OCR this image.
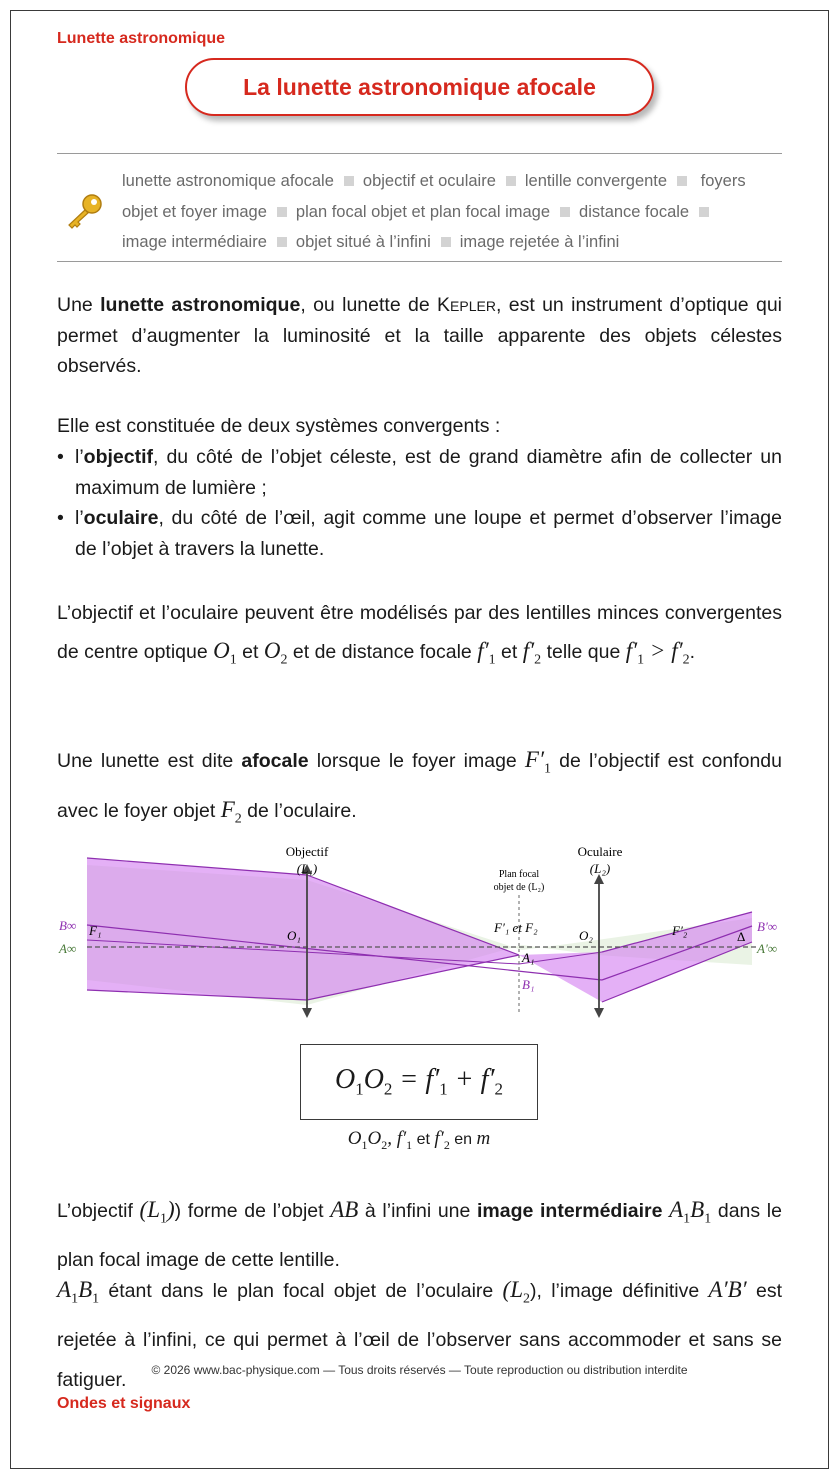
Lunette astronomique
La lunette astronomique afocale
lunette astronomique afocale objectif et oculaire lentille convergente foyers objet et foyer image plan focal objet et plan focal image distance focaleimage intermédiaire objet situé à l’infini image rejetée à l’infini

Une lunette astronomique, ou lunette de Kepler, est un instrument d’optique qui permet d’augmenter la luminosité et la taille apparente des objets célestes observés.

Elle est constituée de deux systèmes convergents :

• l’objectif, du côté de l’objet céleste, est de grand diamètre afin de collecter un maximum de lumière ;
• l’oculaire, du côté de l’œil, agit comme une loupe et permet d’observer l’image de l’objet à travers la lunette.

L’objectif et l’oculaire peuvent être modélisés par des lentilles minces convergentes de centre optique $O_1$ et $O_2$ et de distance focale $f'_1$ et $f'_2$ telle que $f'_1 > f'_2$.

Une lunette est dite afocale lorsque le foyer image $F'_1$ de l’objectif est confondu avec le foyer objet $F_2$ de l’oculaire.

Objectif
(L₁)
Oculaire
(L₂)
Plan focal
objet de (L₂)
B∞
A∞
F₁	O₁
F′₁ et F₂
A₁
B₁
O₂	F′₂	B′∞
A′∞
Δ
$O_1O_2 = f'_1 + f'_2$
$O_1O_2$, $f'_1$ et $f'_2$ en m

L’objectif $(L_1)$) forme de l’objet AB à l’infini une image intermédiaire $A_1B_1$ dans le plan focal image de cette lentille.

$A_1B_1$ étant dans le plan focal objet de l’oculaire $(L_2)$, l’image définitive A′B′ est rejetée à l’infini, ce qui permet à l’œil de l’observer sans accommoder et sans se fatiguer.	© 2026 www.bac-physique.com — Tous droits réservés — Toute reproduction ou distribution interdite
Ondes et signaux
